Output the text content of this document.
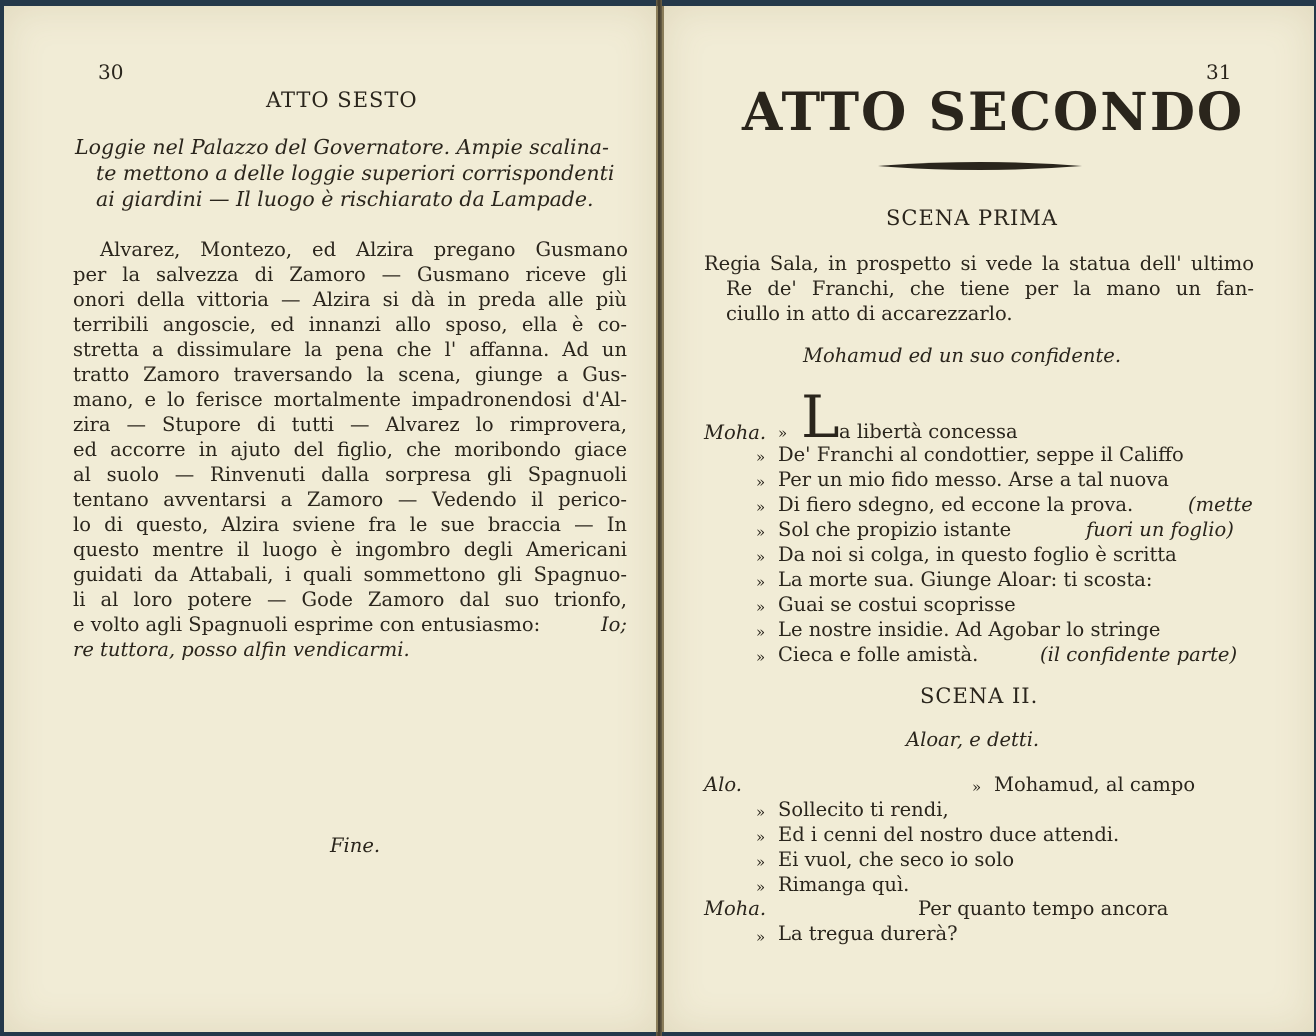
30
ATTO SESTO
Loggie nel Palazzo del Governatore. Ampie scalina-
te mettono a delle loggie superiori corrispondenti
ai giardini — Il luogo è rischiarato da Lampade.
Alvarez, Montezo, ed Alzira pregano Gusmano
per la salvezza di Zamoro — Gusmano riceve gli
onori della vittoria — Alzira si dà in preda alle più
terribili angoscie, ed innanzi allo sposo, ella è co-
stretta a dissimulare la pena che l' affanna. Ad un
tratto Zamoro traversando la scena, giunge a Gus-
mano, e lo ferisce mortalmente impadronendosi d'Al-
zira — Stupore di tutti — Alvarez lo rimprovera,
ed accorre in ajuto del figlio, che moribondo giace
al suolo — Rinvenuti dalla sorpresa gli Spagnuoli
tentano avventarsi a Zamoro — Vedendo il perico-
lo di questo, Alzira sviene fra le sue braccia — In
questo mentre il luogo è ingombro degli Americani
guidati da Attabali, i quali sommettono gli Spagnuo-
li al loro potere — Gode Zamoro dal suo trionfo,
e volto agli Spagnuoli esprime con entusiasmo:	Io;
re tuttora, posso alfin vendicarmi.
Fine.
31
ATTO SECONDO
SCENA PRIMA
Regia Sala, in prospetto si vede la statua dell' ultimo
Re de' Franchi, che tiene per la mano un fan-
ciullo in atto di accarezzarlo.
Mohamud ed un suo confidente.
Moha. » L a libertà concessa
» De' Franchi al condottier, seppe il Califfo
» Per un mio fido messo. Arse a tal nuova
» Di fiero sdegno, ed eccone la prova.	(mette
» Sol che propizio istante	fuori un foglio)
» Da noi si colga, in questo foglio è scritta
» La morte sua. Giunge Aloar: ti scosta:
» Guai se costui scoprisse
» Le nostre insidie. Ad Agobar lo stringe
» Cieca e folle amistà.	(il confidente parte)
SCENA II.
Aloar, e detti.
Alo.	» Mohamud, al campo
» Sollecito ti rendi,
» Ed i cenni del nostro duce attendi.
» Ei vuol, che seco io solo
» Rimanga quì.
Moha.	Per quanto tempo ancora
» La tregua durerà?
